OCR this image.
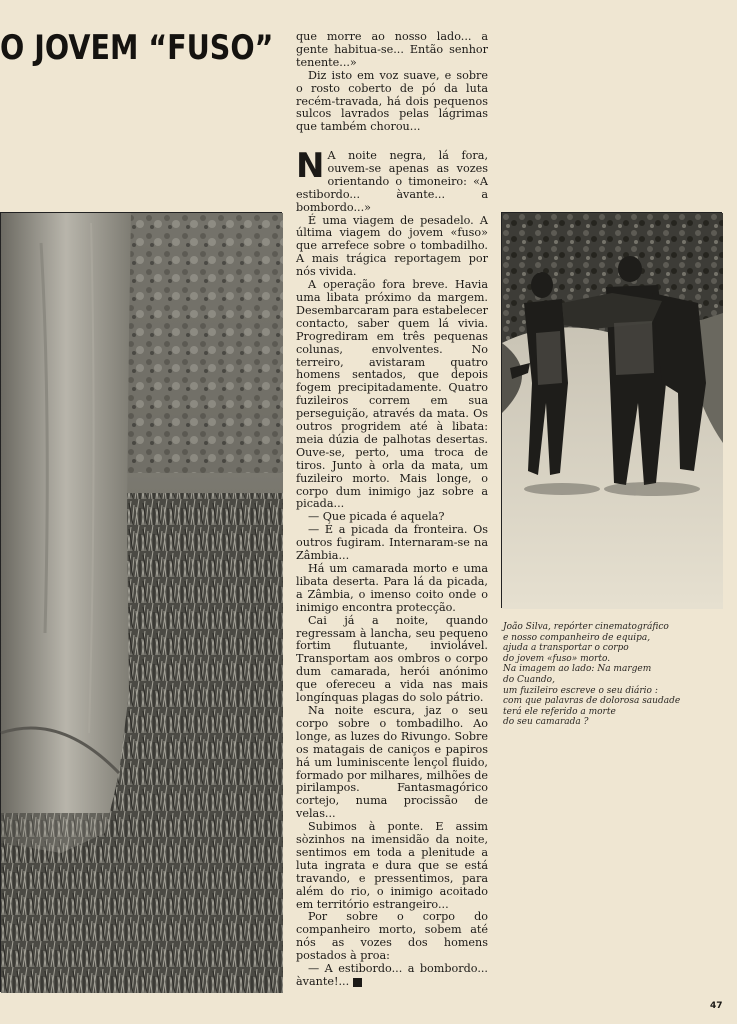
O JOVEM “FUSO” que morre ao nosso lado... a gente habitua-se... Então senhor tenente...»

Diz isto em voz suave, e sobre o rosto coberto de pó da luta recém-travada, há dois pequenos sulcos lavrados pelas lágrimas que também chorou...

N A noite negra, lá fora, ouvem-se apenas as vozes orientando o timoneiro: «A estibordo... àvante... a bombordo...»

É uma viagem de pesadelo. A última viagem do jovem «fuso» que arrefece sobre o tombadilho. A mais trágica reportagem por nós vivida.

A operação fora breve. Havia uma libata próximo da margem. Desembarcaram para estabelecer contacto, saber quem lá vivia. Progrediram em três pequenas colunas, envolventes. No terreiro, avistaram quatro homens sentados, que depois fogem precipitadamente. Quatro fuzileiros correm em sua perseguição, através da mata. Os outros progridem até à libata: meia dúzia de palhotas desertas. Ouve-se, perto, uma troca de tiros. Junto à orla da mata, um fuzileiro morto. Mais longe, o corpo dum inimigo jaz sobre a picada...

— Que picada é aquela?

— É a picada da fronteira. Os outros fugiram. Internaram-se na Zâmbia...

Há um camarada morto e uma libata deserta. Para lá da picada, a Zâmbia, o imenso coito onde o inimigo encontra protecção.

Cai já a noite, quando regressam à lancha, seu pequeno fortim flutuante, inviolável. Transportam aos ombros o corpo dum camarada, herói anónimo que ofereceu a vida nas mais longínquas plagas do solo pátrio.

Na noite escura, jaz o seu corpo sobre o tombadilho. Ao longe, as luzes do Rivungo. Sobre os matagais de caniços e papiros há um luminiscente lençol fluido, formado por milhares, milhões de pirilampos. Fantasmagórico cortejo, numa procissão de velas...

Subimos à ponte. E assim sòzinhos na imensidão da noite, sentimos em toda a plenitude a luta ingrata e dura que se está travando, e pressentimos, para além do rio, o inimigo acoitado em território estrangeiro...

Por sobre o corpo do companheiro morto, sobem até nós as vozes dos homens postados à proa:

— A estibordo... a bombordo... àvante!...

João Silva, repórter cinematográfico
e nosso companheiro de equipa,
ajuda a transportar o corpo
do jovem «fuso» morto.
Na imagem ao lado: Na margem
do Cuando,
um fuzileiro escreve o seu diário :
com que palavras de dolorosa saudade
terá ele referido a morte
do seu camarada ?
47
